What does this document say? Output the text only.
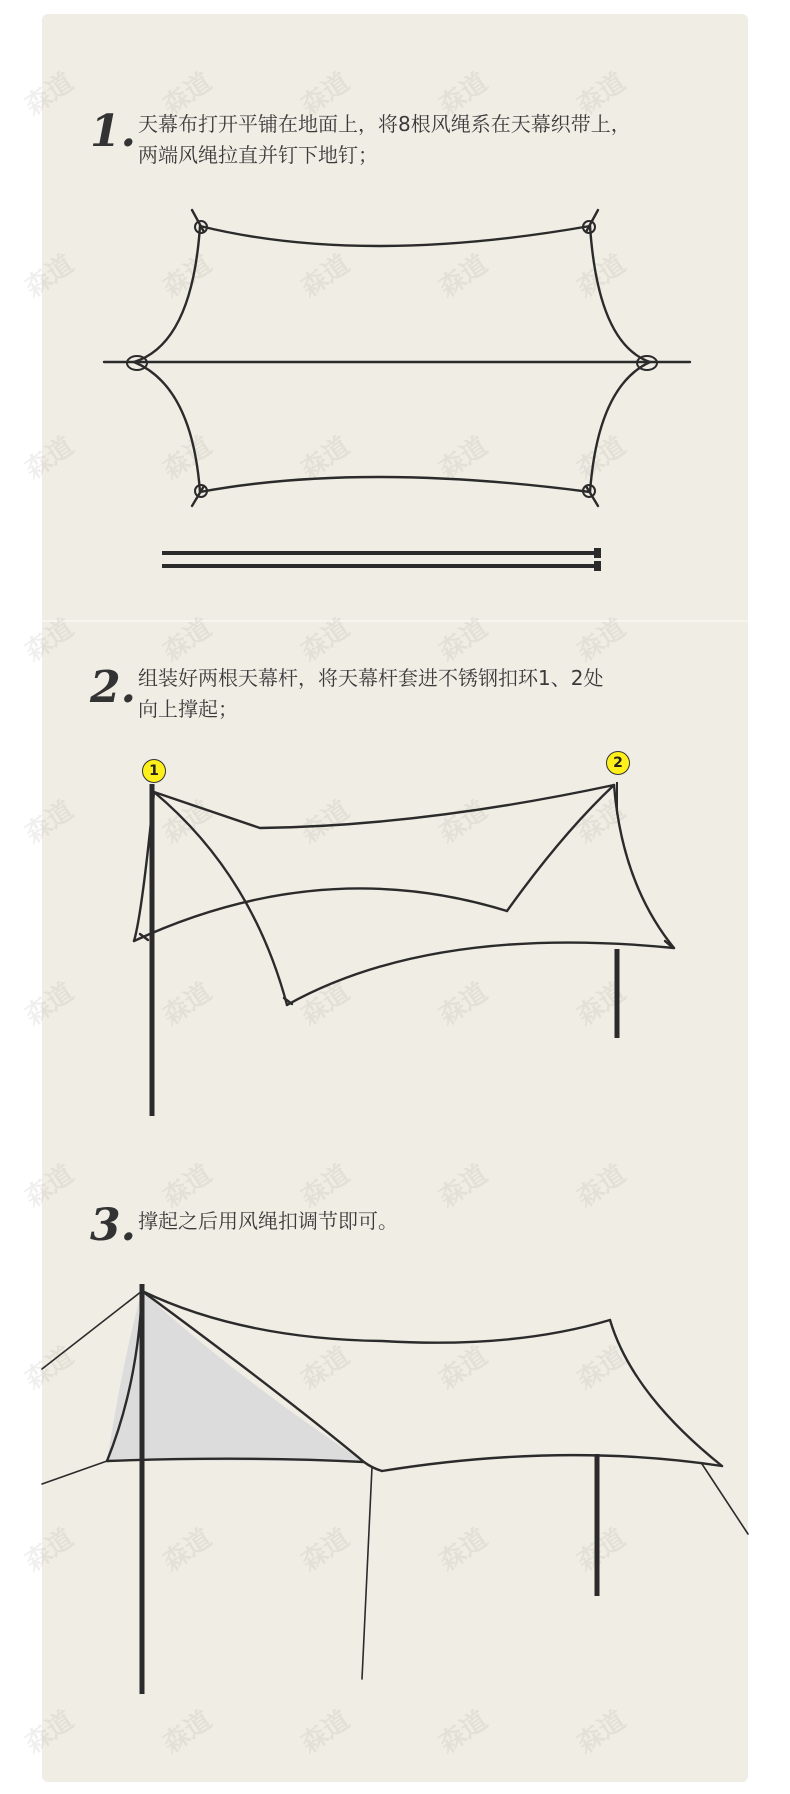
森道	森道	森道	森道	森道
森道	森道	森道	森道	森道
森道	森道	森道	森道	森道
森道	森道	森道	森道	森道
森道	森道	森道	森道	森道
森道	森道	森道	森道	森道
森道	森道	森道	森道	森道
森道	森道	森道	森道
森道	森道	森道	森道	森道
森道	森道	森道	森道	森道
1. 天幕布打开平铺在地面上，将8根风绳系在天幕织带上，
两端风绳拉直并钉下地钉；
2. 组装好两根天幕杆，将天幕杆套进不锈钢扣环1、2处
向上撑起；
3. 撑起之后用风绳扣调节即可。
1	2
